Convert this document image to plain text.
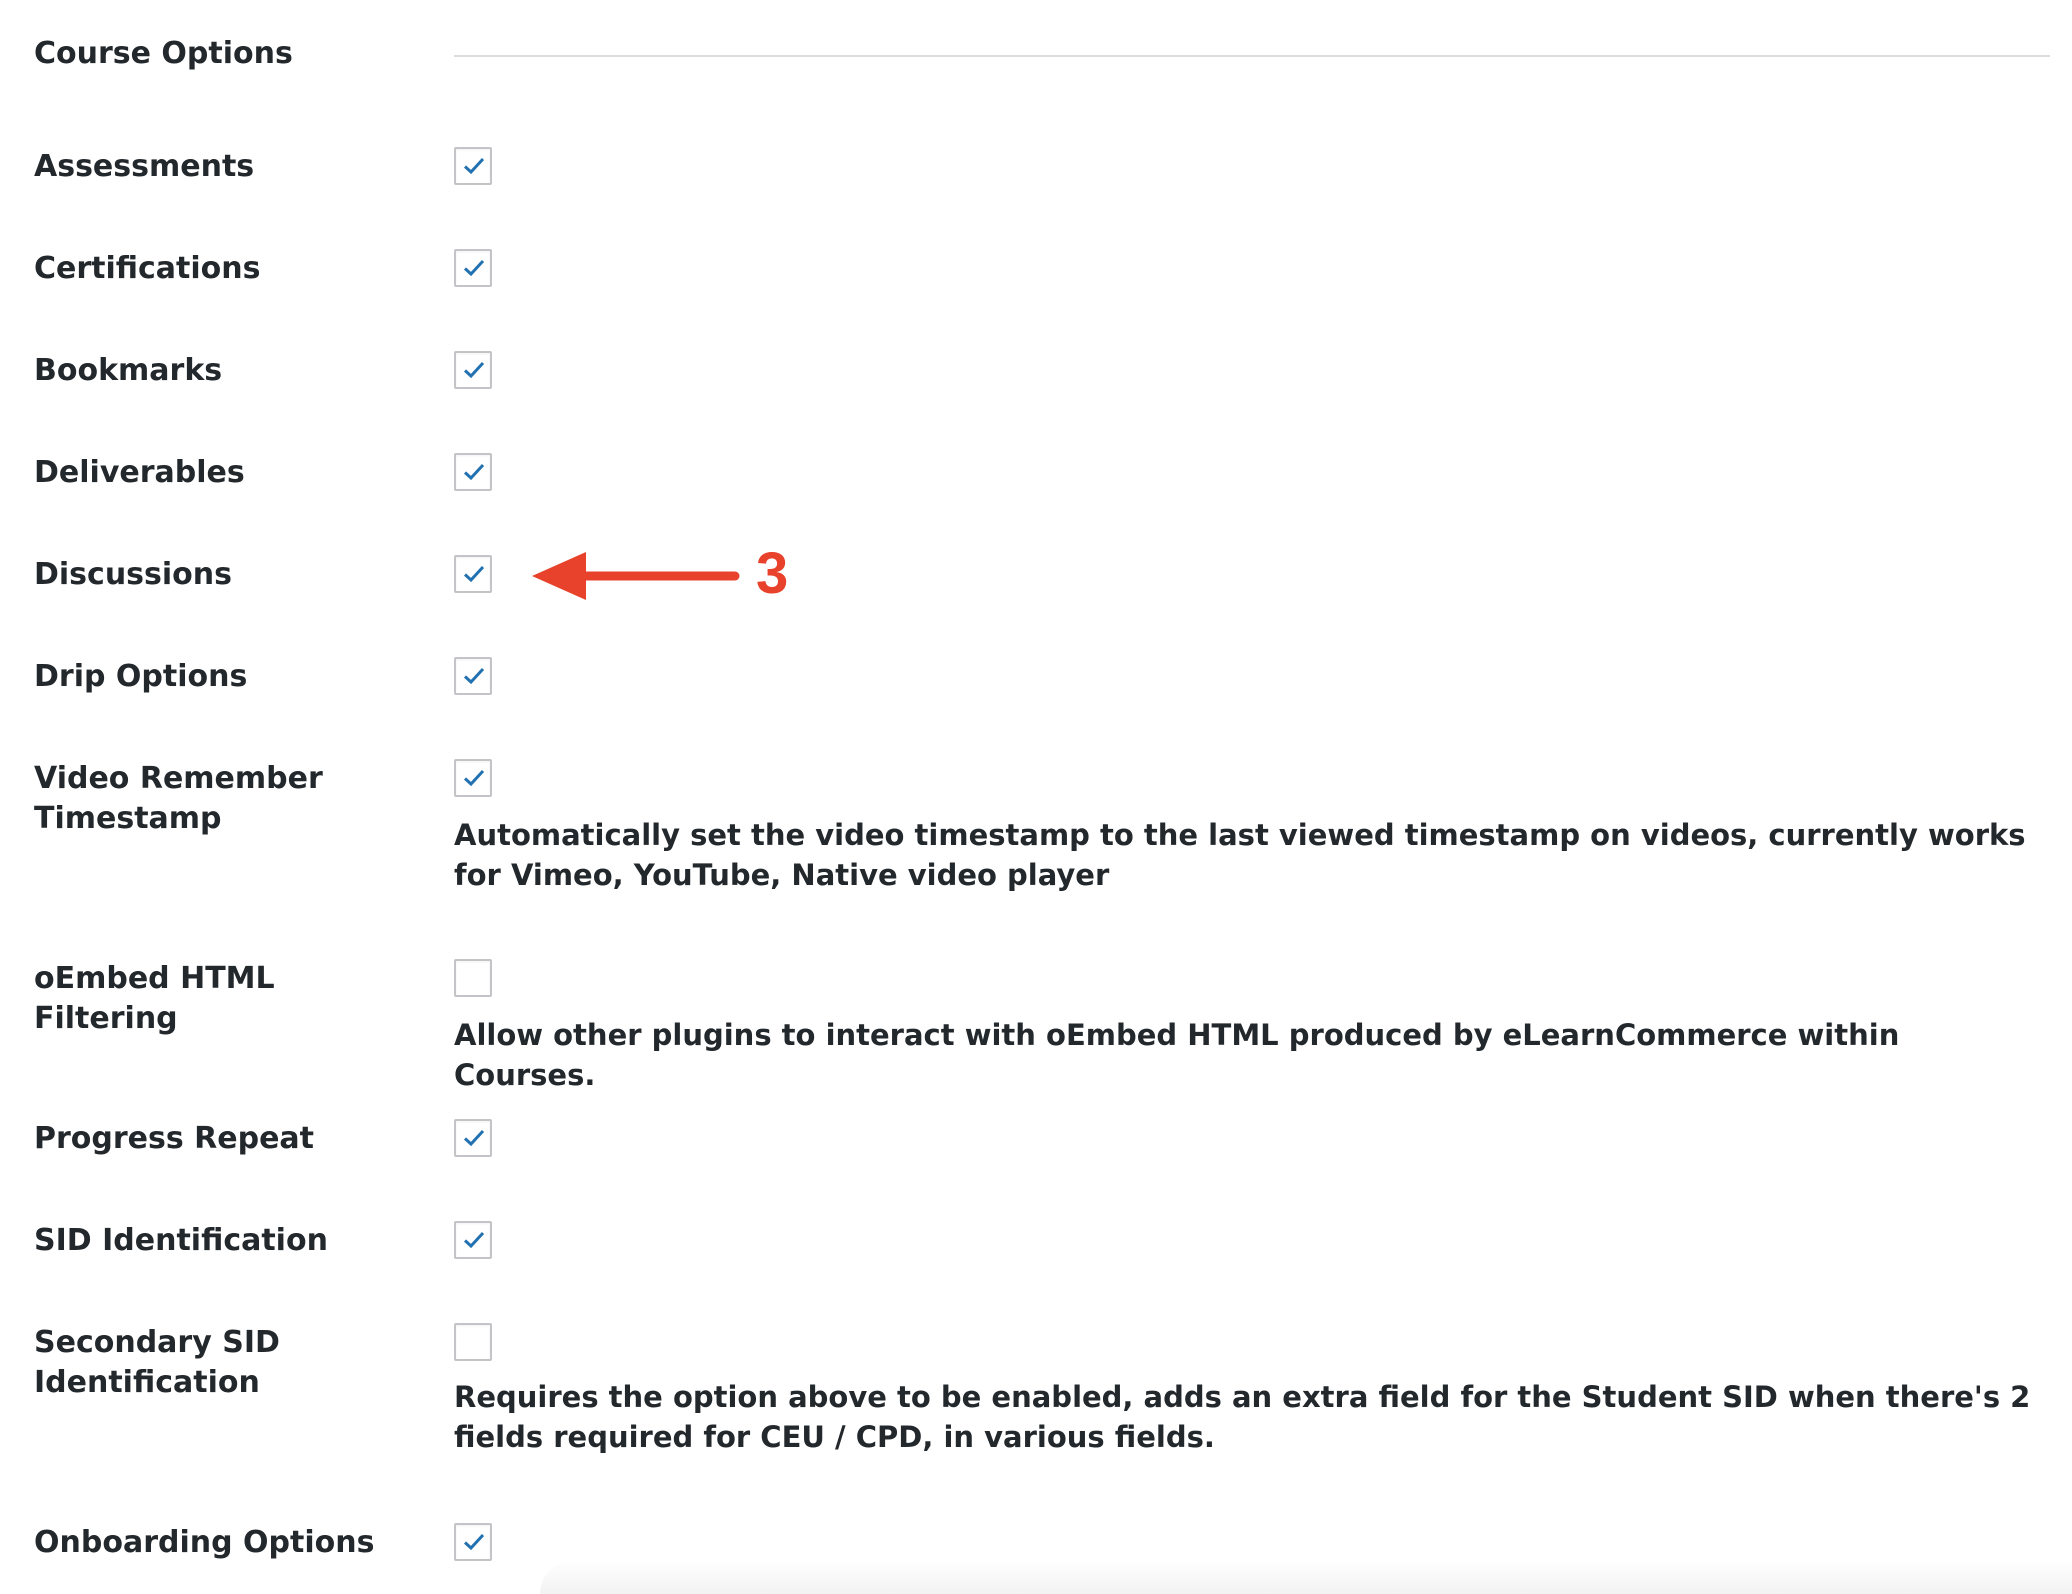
Course Options
Assessments
Certifications
Bookmarks
Deliverables
Discussions
Drip Options
Video Remember Timestamp	Automatically set the video timestamp to the last viewed timestamp on videos, currently works for Vimeo, YouTube, Native video player
oEmbed HTML Filtering	Allow other plugins to interact with oEmbed HTML produced by eLearnCommerce within Courses.
Progress Repeat
SID Identification
Secondary SID Identification	Requires the option above to be enabled, adds an extra field for the Student SID when there's 2 fields required for CEU / CPD, in various fields.
Onboarding Options
3
